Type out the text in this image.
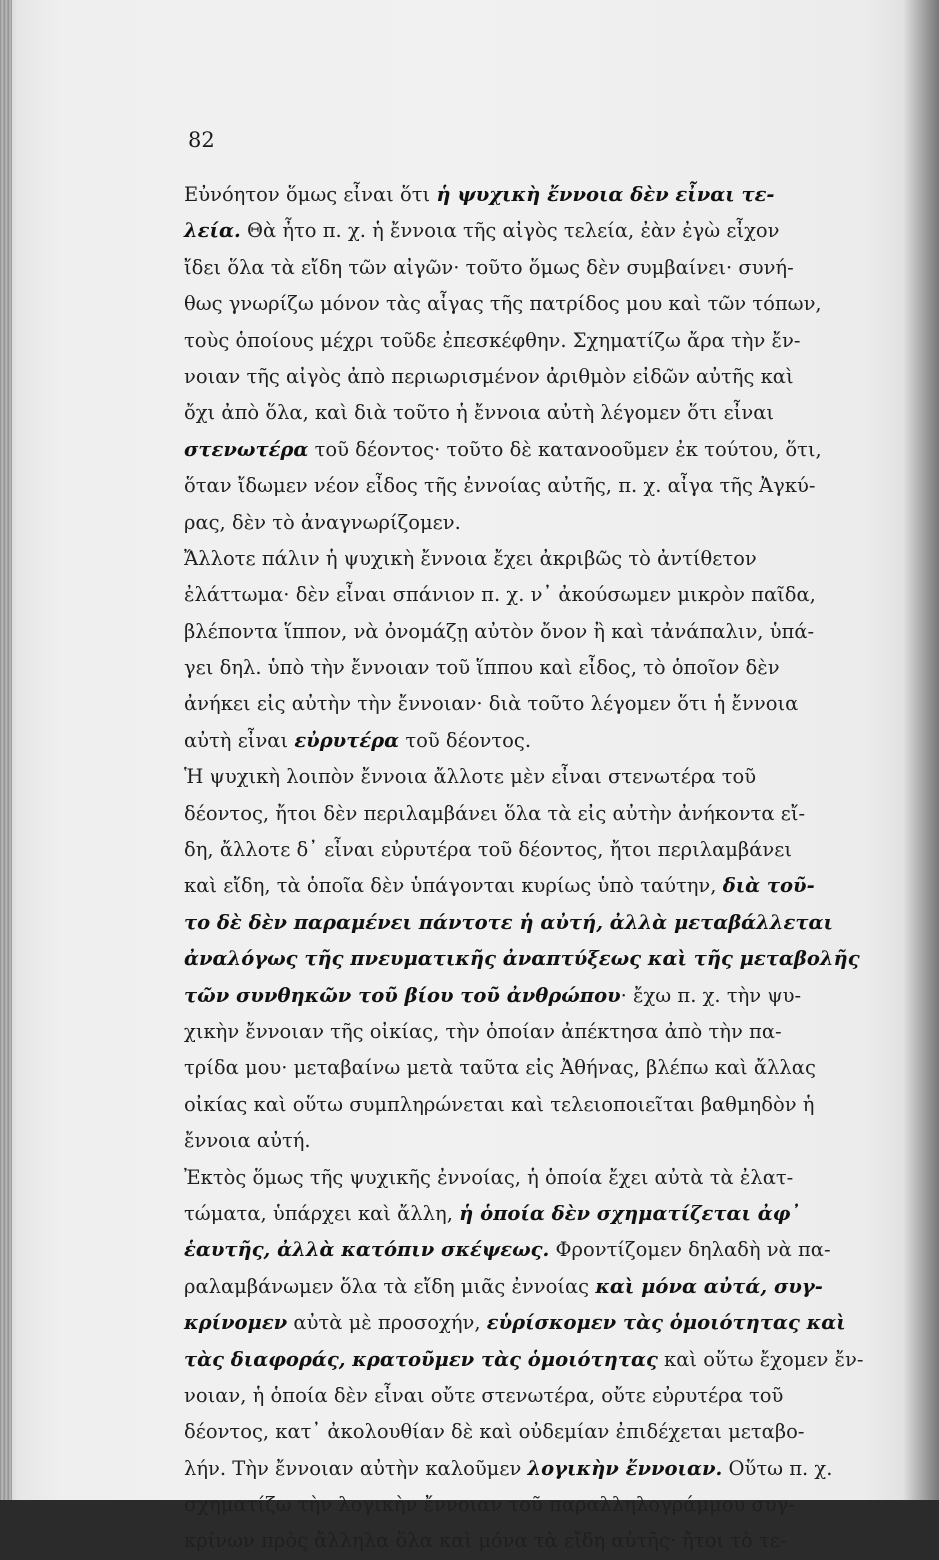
82
Εὐνόητον ὅμως εἶναι ὅτι ἡ ψυχικὴ ἔννοια δὲν εἶναι τε-
λεία. Θὰ ἦτο π. χ. ἡ ἔννοια τῆς αἰγὸς τελεία, ἐὰν ἐγὼ εἶχον
ἴδει ὅλα τὰ εἴδη τῶν αἰγῶν· τοῦτο ὅμως δὲν συμβαίνει· συνή-
θως γνωρίζω μόνον τὰς αἶγας τῆς πατρίδος μου καὶ τῶν τόπων,
τοὺς ὁποίους μέχρι τοῦδε ἐπεσκέφθην. Σχηματίζω ἄρα τὴν ἔν-
νοιαν τῆς αἰγὸς ἀπὸ περιωρισμένον ἀριθμὸν εἰδῶν αὐτῆς καὶ
ὄχι ἀπὸ ὅλα, καὶ διὰ τοῦτο ἡ ἔννοια αὐτὴ λέγομεν ὅτι εἶναι
στενωτέρα τοῦ δέοντος· τοῦτο δὲ κατανοοῦμεν ἐκ τούτου, ὅτι,
ὅταν ἴδωμεν νέον εἶδος τῆς ἐννοίας αὐτῆς, π. χ. αἶγα τῆς Ἀγκύ-
ρας, δὲν τὸ ἀναγνωρίζομεν.
Ἄλλοτε πάλιν ἡ ψυχικὴ ἔννοια ἔχει ἀκριβῶς τὸ ἀντίθετον
ἐλάττωμα· δὲν εἶναι σπάνιον π. χ. ν᾽ ἀκούσωμεν μικρὸν παῖδα,
βλέποντα ἵππον, νὰ ὀνομάζῃ αὐτὸν ὄνον ἢ καὶ τἀνάπαλιν, ὑπά-
γει δηλ. ὑπὸ τὴν ἔννοιαν τοῦ ἵππου καὶ εἶδος, τὸ ὁποῖον δὲν
ἀνήκει εἰς αὐτὴν τὴν ἔννοιαν· διὰ τοῦτο λέγομεν ὅτι ἡ ἔννοια
αὐτὴ εἶναι εὐρυτέρα τοῦ δέοντος.
Ἡ ψυχικὴ λοιπὸν ἔννοια ἄλλοτε μὲν εἶναι στενωτέρα τοῦ
δέοντος, ἤτοι δὲν περιλαμβάνει ὅλα τὰ εἰς αὐτὴν ἀνήκοντα εἴ-
δη, ἄλλοτε δ᾽ εἶναι εὐρυτέρα τοῦ δέοντος, ἤτοι περιλαμβάνει
καὶ εἴδη, τὰ ὁποῖα δὲν ὑπάγονται κυρίως ὑπὸ ταύτην, διὰ τοῦ-
το δὲ δὲν παραμένει πάντοτε ἡ αὐτή, ἀλλὰ μεταβάλλεται
ἀναλόγως τῆς πνευματικῆς ἀναπτύξεως καὶ τῆς μεταβολῆς
τῶν συνθηκῶν τοῦ βίου τοῦ ἀνθρώπου· ἔχω π. χ. τὴν ψυ-
χικὴν ἔννοιαν τῆς οἰκίας, τὴν ὁποίαν ἀπέκτησα ἀπὸ τὴν πα-
τρίδα μου· μεταβαίνω μετὰ ταῦτα εἰς Ἀθήνας, βλέπω καὶ ἄλλας
οἰκίας καὶ οὕτω συμπληρώνεται καὶ τελειοποιεῖται βαθμηδὸν ἡ
ἔννοια αὐτή.
Ἐκτὸς ὅμως τῆς ψυχικῆς ἐννοίας, ἡ ὁποία ἔχει αὐτὰ τὰ ἐλατ-
τώματα, ὑπάρχει καὶ ἄλλη, ἡ ὁποία δὲν σχηματίζεται ἀφ᾽
ἑαυτῆς, ἀλλὰ κατόπιν σκέψεως. Φροντίζομεν δηλαδὴ νὰ πα-
ραλαμβάνωμεν ὅλα τὰ εἴδη μιᾶς ἐννοίας καὶ μόνα αὐτά, συγ-
κρίνομεν αὐτὰ μὲ προσοχήν, εὑρίσκομεν τὰς ὁμοιότητας καὶ
τὰς διαφοράς, κρατοῦμεν τὰς ὁμοιότητας καὶ οὕτω ἔχομεν ἔν-
νοιαν, ἡ ὁποία δὲν εἶναι οὔτε στενωτέρα, οὔτε εὐρυτέρα τοῦ
δέοντος, κατ᾽ ἀκολουθίαν δὲ καὶ οὐδεμίαν ἐπιδέχεται μεταβο-
λήν. Τὴν ἔννοιαν αὐτὴν καλοῦμεν λογικὴν ἔννοιαν. Οὕτω π. χ.
σχηματίζω τὴν λογικὴν ἔννοιαν τοῦ παραλληλογράμμου συγ-
κρίνων πρὸς ἄλληλα ὅλα καὶ μόνα τὰ εἴδη αὐτῆς· ἤτοι τὸ τε-
